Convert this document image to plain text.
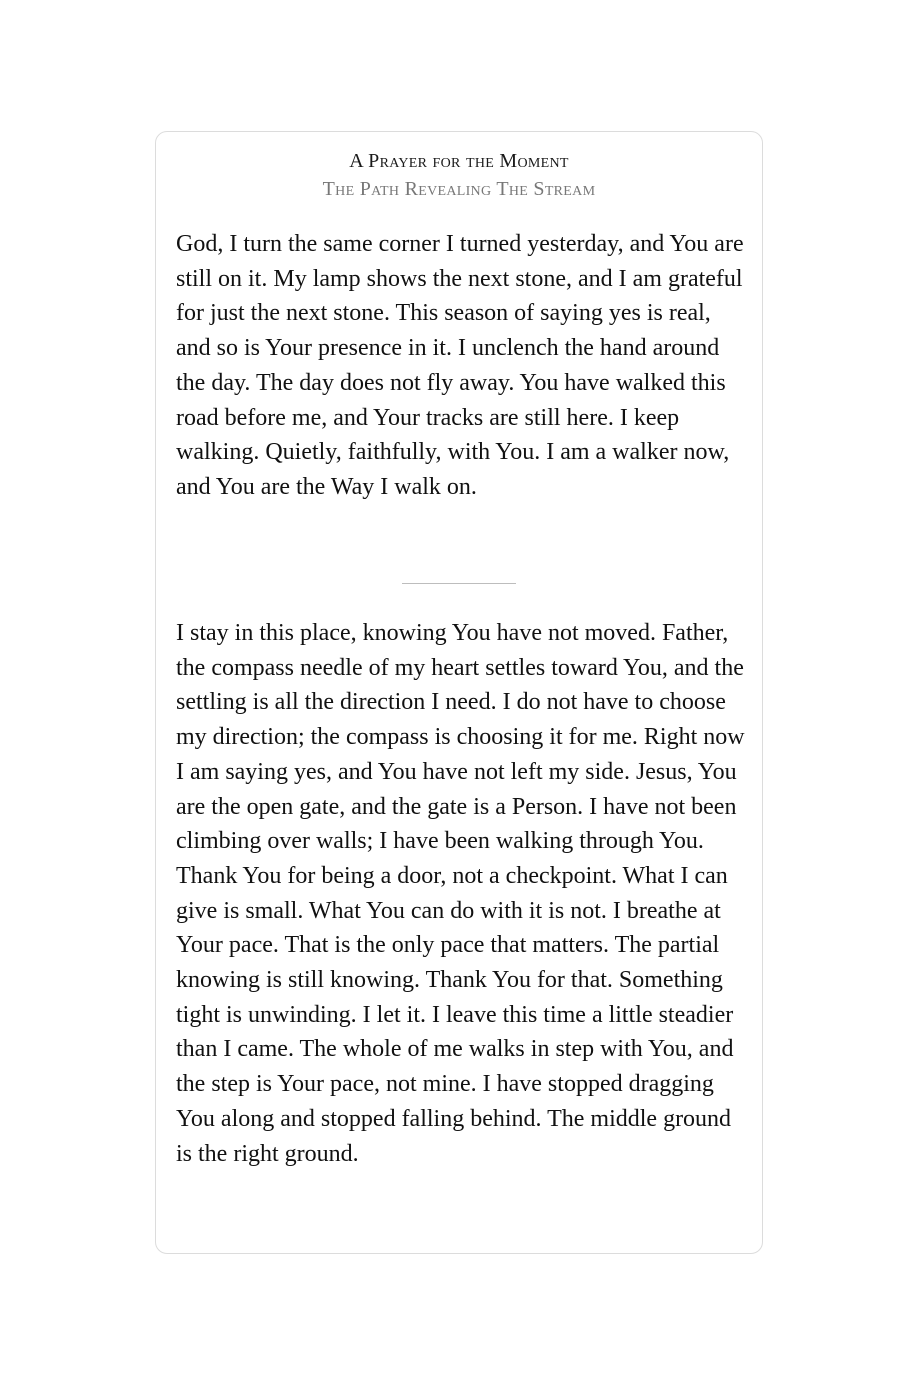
A Prayer for the Moment
The Path Revealing The Stream

God, I turn the same corner I turned yesterday, and You are still on it. My lamp shows the next stone, and I am grateful for just the next stone. This season of saying yes is real, and so is Your presence in it. I unclench the hand around the day. The day does not fly away. You have walked this road before me, and Your tracks are still here. I keep walking. Quietly, faithfully, with You. I am a walker now, and You are the Way I walk on.

I stay in this place, knowing You have not moved. Father, the compass needle of my heart settles toward You, and the settling is all the direction I need. I do not have to choose my direction; the compass is choosing it for me. Right now I am saying yes, and You have not left my side. Jesus, You are the open gate, and the gate is a Person. I have not been climbing over walls; I have been walking through You. Thank You for being a door, not a checkpoint. What I can give is small. What You can do with it is not. I breathe at Your pace. That is the only pace that matters. The partial knowing is still knowing. Thank You for that. Something tight is unwinding. I let it. I leave this time a little steadier than I came. The whole of me walks in step with You, and the step is Your pace, not mine. I have stopped dragging You along and stopped falling behind. The middle ground is the right ground.
